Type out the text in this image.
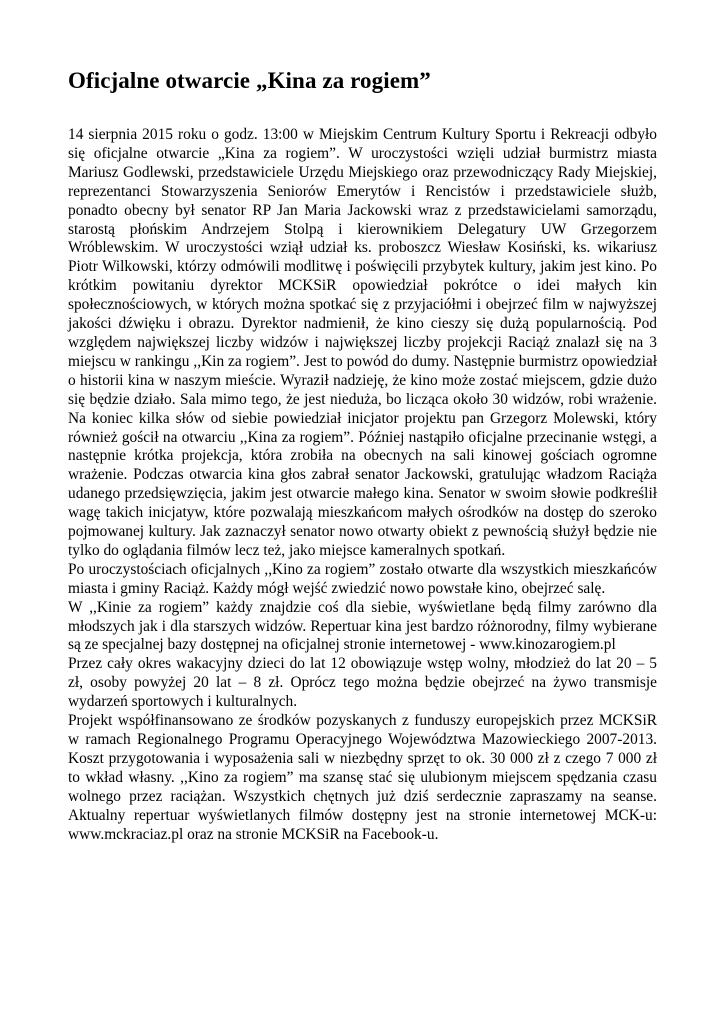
Oficjalne otwarcie „Kina za rogiem”

14 sierpnia 2015 roku o godz. 13:00 w Miejskim Centrum Kultury Sportu i Rekreacji odbyło się oficjalne otwarcie „Kina za rogiem”. W uroczystości wzięli udział burmistrz miasta Mariusz Godlewski, przedstawiciele Urzędu Miejskiego oraz przewodniczący Rady Miejskiej, reprezentanci Stowarzyszenia Seniorów Emerytów i Rencistów i przedstawiciele służb, ponadto obecny był senator RP Jan Maria Jackowski wraz z przedstawicielami samorządu, starostą płońskim Andrzejem Stolpą i kierownikiem Delegatury UW Grzegorzem Wróblewskim. W uroczystości wziął udział ks. proboszcz Wiesław Kosiński, ks. wikariusz Piotr Wilkowski, którzy odmówili modlitwę i poświęcili przybytek kultury, jakim jest kino. Po krótkim powitaniu dyrektor MCKSiR opowiedział pokrótce o idei małych kin społecznościowych, w których można spotkać się z przyjaciółmi i obejrzeć film w najwyższej jakości dźwięku i obrazu. Dyrektor nadmienił, że kino cieszy się dużą popularnością. Pod względem największej liczby widzów i największej liczby projekcji Raciąż znalazł się na 3 miejscu w rankingu ,,Kin za rogiem”. Jest to powód do dumy. Następnie burmistrz opowiedział o historii kina w naszym mieście. Wyraził nadzieję, że kino może zostać miejscem, gdzie dużo się będzie działo. Sala mimo tego, że jest nieduża, bo licząca około 30 widzów, robi wrażenie. Na koniec kilka słów od siebie powiedział inicjator projektu pan Grzegorz Molewski, który również gościł na otwarciu ,,Kina za rogiem”. Później nastąpiło oficjalne przecinanie wstęgi, a następnie krótka projekcja, która zrobiła na obecnych na sali kinowej gościach ogromne wrażenie. Podczas otwarcia kina głos zabrał senator Jackowski, gratulując władzom Raciąża udanego przedsięwzięcia, jakim jest otwarcie małego kina. Senator w swoim słowie podkreślił wagę takich inicjatyw, które pozwalają mieszkańcom małych ośrodków na dostęp do szeroko pojmowanej kultury. Jak zaznaczył senator nowo otwarty obiekt z pewnością służył będzie nie tylko do oglądania filmów lecz też, jako miejsce kameralnych spotkań.

Po uroczystościach oficjalnych ,,Kino za rogiem” zostało otwarte dla wszystkich mieszkańców miasta i gminy Raciąż. Każdy mógł wejść zwiedzić nowo powstałe kino, obejrzeć salę.

W ,,Kinie za rogiem” każdy znajdzie coś dla siebie, wyświetlane będą filmy zarówno dla młodszych jak i dla starszych widzów. Repertuar kina jest bardzo różnorodny, filmy wybierane są ze specjalnej bazy dostępnej na oficjalnej stronie internetowej - www.kinozarogiem.pl

Przez cały okres wakacyjny dzieci do lat 12 obowiązuje wstęp wolny, młodzież do lat 20 – 5 zł, osoby powyżej 20 lat – 8 zł. Oprócz tego można będzie obejrzeć na żywo transmisje wydarzeń sportowych i kulturalnych.

Projekt współfinansowano ze środków pozyskanych z funduszy europejskich przez MCKSiR w ramach Regionalnego Programu Operacyjnego Województwa Mazowieckiego 2007-2013. Koszt przygotowania i wyposażenia sali w niezbędny sprzęt to ok. 30 000 zł z czego 7 000 zł to wkład własny. ,,Kino za rogiem” ma szansę stać się ulubionym miejscem spędzania czasu wolnego przez raciążan. Wszystkich chętnych już dziś serdecznie zapraszamy na seanse. Aktualny repertuar wyświetlanych filmów dostępny jest na stronie internetowej MCK-u: www.mckraciaz.pl oraz na stronie MCKSiR na Facebook-u.
